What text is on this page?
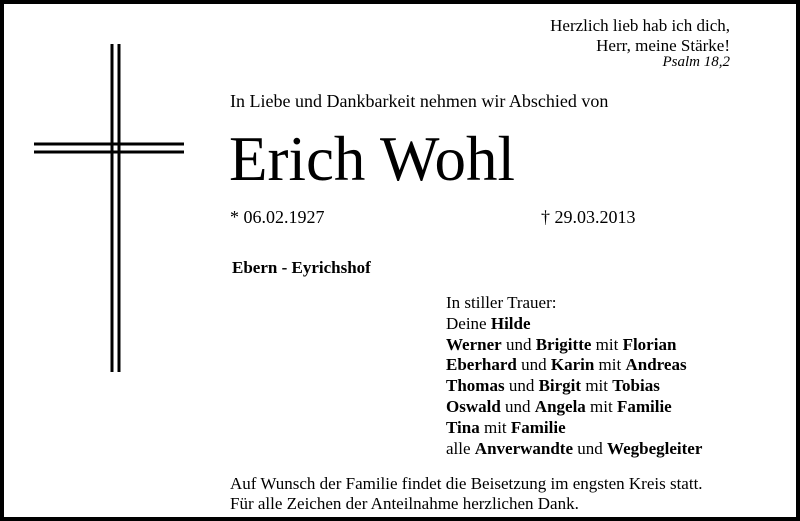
Herzlich lieb hab ich dich,
Herr, meine Stärke!
Psalm 18,2
In Liebe und Dankbarkeit nehmen wir Abschied von
Erich Wohl
* 06.02.1927	† 29.03.2013
Ebern - Eyrichshof
In stiller Trauer:
Deine Hilde
Werner und Brigitte mit Florian
Eberhard und Karin mit Andreas
Thomas und Birgit mit Tobias
Oswald und Angela mit Familie
Tina mit Familie
alle Anverwandte und Wegbegleiter
Auf Wunsch der Familie findet die Beisetzung im engsten Kreis statt.
Für alle Zeichen der Anteilnahme herzlichen Dank.
